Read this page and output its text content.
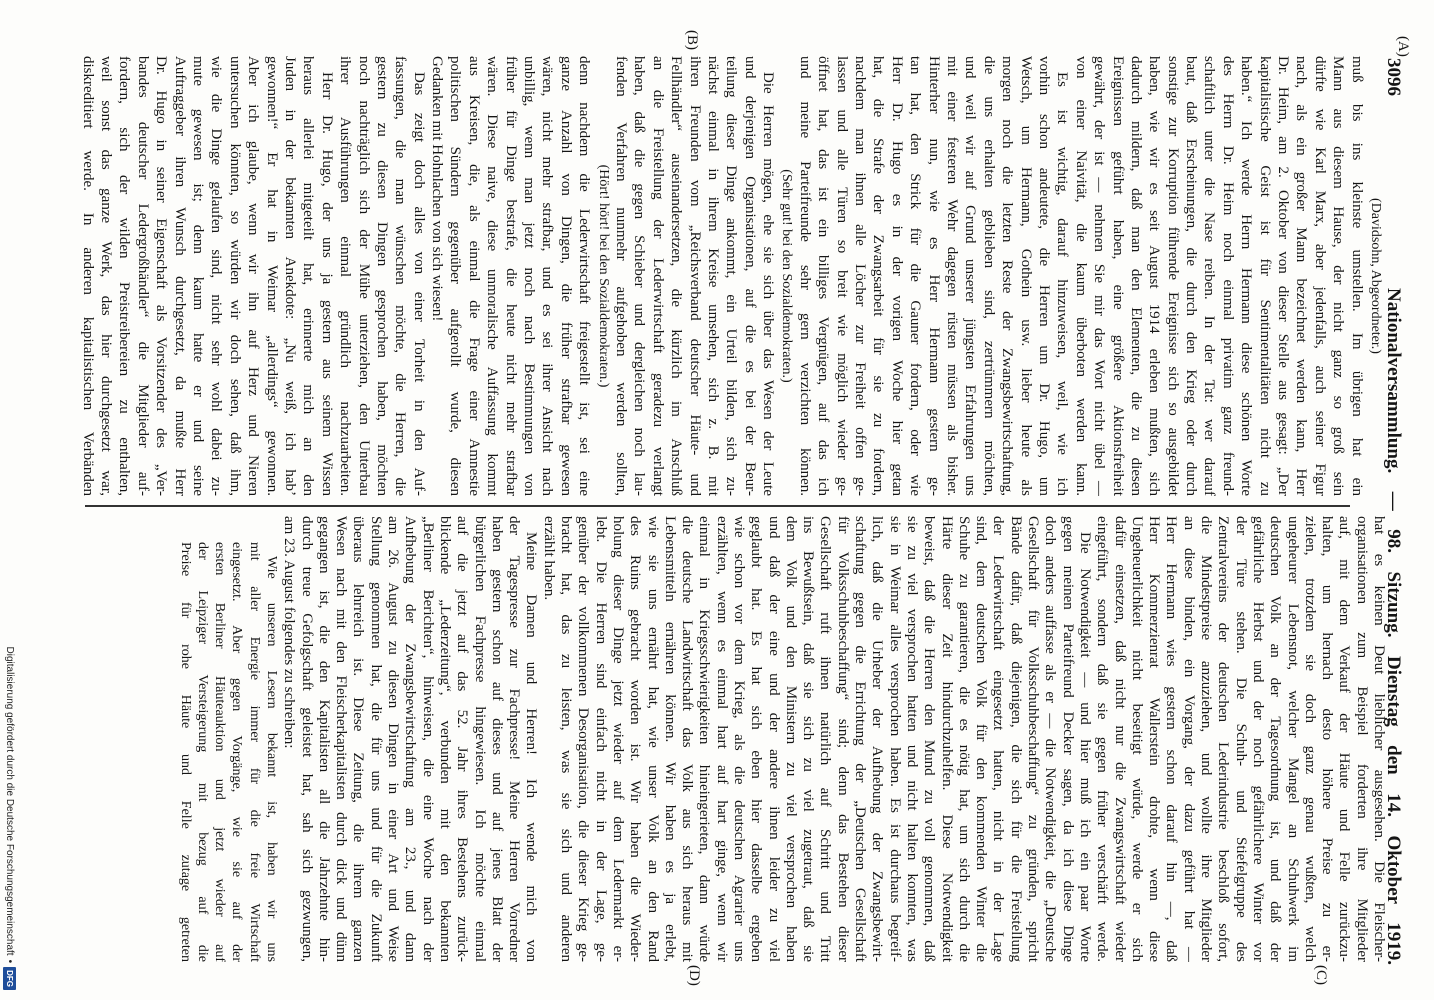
3096
Nationalversammlung. — 98. Sitzung. Dienstag den 14. Oktober 1919.
(A)
(B)
(C)
(D)
(Davidsohn, Abgeordneter.)
muß bis ins kleinste umstellen. Im übrigen hat ein
Mann aus diesem Hause, der nicht ganz so groß sein
dürfte wie Karl Marx, aber jedenfalls, auch seiner Figur
nach, als ein großer Mann bezeichnet werden kann, Herr
Dr. Heim, am 2. Oktober von dieser Stelle aus gesagt: „Der
kapitalistische Geist ist für Sentimentalitäten nicht zu
haben.“ Ich werde Herrn Hermann diese schönen Worte
des Herrn Dr. Heim noch einmal privatim ganz freund-
schaftlich unter die Nase reiben. In der Tat: wer darauf
baut, daß Erscheinungen, die durch den Krieg oder durch
sonstige zur Korruption führende Ereignisse sich so ausgebildet
haben, wie wir es seit August 1914 erleben mußten, sich
dadurch mildern, daß man den Elementen, die zu diesen
Ereignissen geführt haben, eine größere Aktionsfreiheit
gewährt, der ist — nehmen Sie mir das Wort nicht übel —
von einer Naivität, die kaum überboten werden kann.
Es ist wichtig, darauf hinzuweisen, weil, wie ich
vorhin schon andeutete, die Herren um Dr. Hugo, um
Wetsch, um Hermann, Gothein usw. lieber heute als
morgen noch die letzten Reste der Zwangsbewirtschaftung,
die uns erhalten geblieben sind, zertrümmern möchten,
und weil wir auf Grund unserer jüngsten Erfahrungen uns
mit einer festeren Wehr dagegen rüsten müssen als bisher.
Hinterher nun, wie es Herr Hermann gestern ge-
tan hat, den Strick für die Gauner fordern, oder wie
Herr Dr. Hugo es in der vorigen Woche hier getan
hat, die Strafe der Zwangsarbeit für sie zu fordern,
nachdem man ihnen alle Löcher zur Freiheit offen ge-
lassen und alle Türen so breit wie möglich wieder ge-
öffnet hat, das ist ein billiges Vergnügen, auf das ich
und meine Parteifreunde sehr gern verzichten können.
(Sehr gut! bei den Sozialdemokraten.)
Die Herren mögen, ehe sie sich über das Wesen der Leute
und derjenigen Organisationen, auf die es bei der Beur-
teilung dieser Dinge ankommt, ein Urteil bilden, sich zu-
nächst einmal in ihrem Kreise umsehen, sich z. B. mit
ihren Freunden vom „Reichsverband deutscher Häute- und
Fellhändler“ auseinandersetzen, die kürzlich im Anschluß
an die Freistellung der Lederwirtschaft geradezu verlangt
haben, daß die gegen Schieber und dergleichen noch lau-
fenden Verfahren nunmehr aufgehoben werden sollten,
(Hört! hört! bei den Sozialdemokraten.)
denn nachdem die Lederwirtschaft freigestellt ist, sei eine
ganze Anzahl von Dingen, die früher strafbar gewesen
wären, nicht mehr strafbar, und es sei ihrer Ansicht nach
unbillig, wenn man jetzt noch nach Bestimmungen von
früher für Dinge bestrafe, die heute nicht mehr strafbar
wären. Diese naive, diese unmoralische Auffassung kommt
aus Kreisen, die, als einmal die Frage einer Amnestie
politischen Sündern gegenüber aufgerollt wurde, diesen
Gedanken mit Hohnlachen von sich wiesen!
Das zeigt doch alles von einer Torheit in den Auf-
fassungen, die man wünschen möchte, die Herren, die
gestern zu diesen Dingen gesprochen haben, möchten
noch nachträglich sich der Mühe unterziehen, den Unterbau
ihrer Ausführungen einmal gründlich nachzuarbeiten.
Herr Dr. Hugo, der uns ja gestern aus seinem Wissen
heraus allerlei mitgeteilt hat, erinnerte mich an den
Juden in der bekannten Anekdote: „Nu weiß, ich hab’
gewonnen!“ Er hat in Weimar „allerdings“ gewonnen.
Aber ich glaube, wenn wir ihn auf Herz und Nieren
untersuchen könnten, so würden wir doch sehen, daß ihm,
wie die Dinge gelaufen sind, nicht sehr wohl dabei zu-
mute gewesen ist; denn kaum hatte er und seine
Auftraggeber ihren Wunsch durchgesetzt, da mußte Herr
Dr. Hugo in seiner Eigenschaft als Vorsitzender des „Ver-
bandes deutscher Ledergroßhändler“ die Mitglieder auf-
fordern, sich der wilden Preistreibereien zu enthalten,
weil sonst das ganze Werk, das hier durchgesetzt war,
diskreditiert werde. In anderen kapitalistischen Verbänden
hat es keinen Deut lieblicher ausgesehen. Die Fleischer-
organisationen zum Beispiel forderten ihre Mitglieder
auf, mit dem Verkauf der Häute und Felle zurückzu-
halten, um hernach desto höhere Preise zu er-
zielen, trotzdem sie doch ganz genau wußten, welch
ungeheurer Lebensnot, welcher Mangel an Schuhwerk im
deutschen Volk an der Tagesordnung ist, und daß der
gefährliche Herbst und der noch gefährlichere Winter vor
der Türe stehen. Die Schuh- und Stiefelgruppe des
Zentralvereins der deutschen Lederindustrie beschloß sofort,
die Mindestpreise anzuziehen, und wollte ihre Mitglieder
an diese binden, ein Vorgang, der dazu geführt hat —
Herr Hermann wies gestern schon darauf hin —, daß
Herr Kommerzienrat Wallerstein drohte, wenn diese
Ungeheuerlichkeit nicht beseitigt würde, werde er sich
dafür einsetzen, daß nicht nur die Zwangswirtschaft wieder
eingeführt, sondern daß sie gegen früher verschärft werde.
Die Notwendigkeit — und hier muß ich ein paar Worte
gegen meinen Parteifreund Decker sagen, da ich diese Dinge
doch anders auffasse als er — die Notwendigkeit, die „Deutsche
Gesellschaft für Volksschuhbeschaffung“ zu gründen, spricht
Bände dafür, daß diejenigen, die sich für die Freistellung
der Lederwirtschaft eingesetzt hatten, nicht in der Lage
sind, dem deutschen Volk für den kommenden Winter die
Schuhe zu garantieren, die es nötig hat, um sich durch die
Härte dieser Zeit hindurchzuhelfen. Diese Notwendigkeit
beweist, daß die Herren den Mund zu voll genommen, daß
sie zu viel versprochen hatten und nicht halten konnten, was
sie in Weimar alles versprochen haben. Es ist durchaus begreif-
lich, daß die Urheber der Aufhebung der Zwangsbewirt-
schaftung gegen die Errichtung der „Deutschen Gesellschaft
für Volksschuhbeschaffung“ sind; denn das Bestehen dieser
Gesellschaft ruft ihnen natürlich auf Schritt und Tritt
ins Bewußtsein, daß sie sich zu viel zugetraut, daß sie
dem Volk und den Ministern zu viel versprochen haben
und daß der eine und der andere ihnen leider zu viel
geglaubt hat. Es hat sich eben hier dasselbe ergeben
wie schon vor dem Krieg, als die deutschen Agrarier uns
erzählten, wenn es einmal hart auf hart ginge, wenn wir
einmal in Kriegsschwierigkeiten hineingerieten, dann würde
die deutsche Landwirtschaft das Volk aus sich heraus mit
Lebensmitteln ernähren können. Wir haben es ja erlebt,
wie sie uns ernährt hat, wie unser Volk an den Rand
des Ruins gebracht worden ist. Wir haben die Wieder-
holung dieser Dinge jetzt wieder auf dem Ledermarkt er-
lebt. Die Herren sind einfach nicht in der Lage, ge-
genüber der vollkommenen Desorganisation, die dieser Krieg ge-
bracht hat, das zu leisten, was sie sich und anderen
erzählt haben.
Meine Damen und Herren! Ich wende mich von
der Tagespresse zur Fachpresse! Meine Herren Vorredner
haben gestern schon auf dieses und auf jenes Blatt der
bürgerlichen Fachpresse hingewiesen. Ich möchte einmal
auf die jetzt auf das 52. Jahr ihres Bestehens zurück-
blickende „Lederzeitung“, verbunden mit den bekannten
„Berliner Berichten“, hinweisen, die eine Woche nach der
Aufhebung der Zwangsbewirtschaftung am 23., und dann
am 26. August zu diesen Dingen in einer Art und Weise
Stellung genommen hat, die für uns und für die Zukunft
überaus lehrreich ist. Diese Zeitung, die ihrem ganzen
Wesen nach mit den Fleischerkapitalisten durch dick und dünn
gegangen ist, die den Kapitalisten all die Jahrzehnte hin-
durch treue Gefolgschaft geleistet hat, sah sich gezwungen,
am 23. August folgendes zu schreiben:
Wie unseren Lesern bekannt ist, haben wir uns
mit aller Energie immer für die freie Wirtschaft
eingesetzt. Aber gegen Vorgänge, wie sie auf der
ersten Berliner Häuteauktion und jetzt wieder auf
der Leipziger Versteigerung mit bezug auf die
Preise für rohe Häute und Felle zutage getreten
Digitalisierung gefördert durch die Deutsche Forschungsgemeinschaft
•
DFG
